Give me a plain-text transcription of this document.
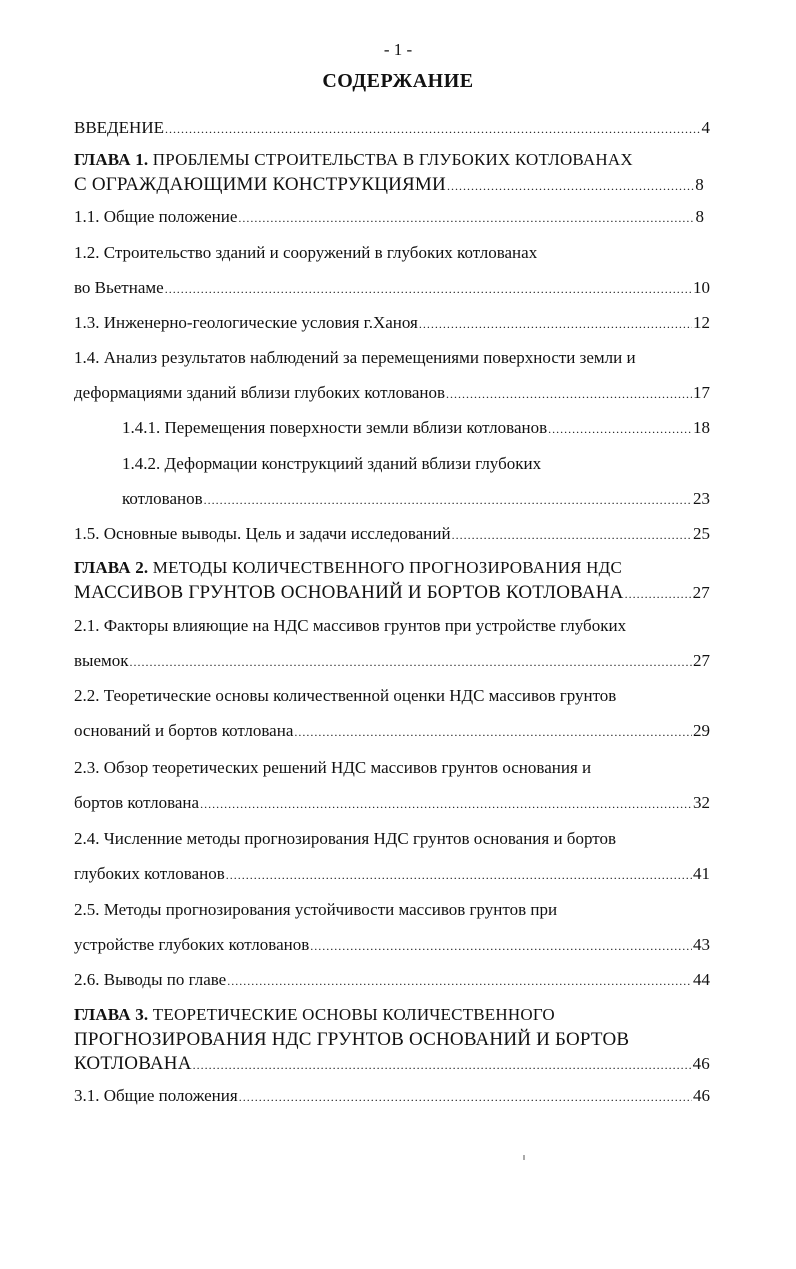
- 1 -
СОДЕРЖАНИЕ
ВВЕДЕНИЕ .....	4
ГЛАВА 1. ПРОБЛЕМЫ СТРОИТЕЛЬСТВА В ГЛУБОКИХ КОТЛОВАНАХ
С ОГРАЖДАЮЩИМИ КОНСТРУКЦИЯМИ .....	8
1.1. Общие положение .....	8
1.2. Строительство зданий и сооружений в глубоких котлованах
во Вьетнаме .....	10
1.3. Инженерно-геологические условия г.Ханоя .....	12
1.4. Анализ результатов наблюдений за перемещениями поверхности земли и
деформациями зданий вблизи глубоких котлованов .....	17
1.4.1. Перемещения поверхности земли вблизи котлованов .....	18
1.4.2. Деформации конструкциий зданий вблизи глубоких
котлованов .....	23
1.5. Основные выводы. Цель и задачи исследований .....	25
ГЛАВА 2. МЕТОДЫ КОЛИЧЕСТВЕННОГО ПРОГНОЗИРОВАНИЯ НДС
МАССИВОВ ГРУНТОВ ОСНОВАНИЙ И БОРТОВ КОТЛОВАНА .....	27
2.1. Факторы влияющие на НДС массивов грунтов при устройстве глубоких
выемок .....	27
2.2. Теоретические основы количественной оценки НДС массивов грунтов
оснований и бортов котлована .....	29
2.3. Обзор теоретических решений НДС массивов грунтов основания и
бортов котлована .....	32
2.4. Численние методы прогнозирования НДС грунтов основания и бортов
глубоких котлованов .....	41
2.5. Методы прогнозирования устойчивости массивов грунтов при
устройстве глубоких котлованов .....	43
2.6. Выводы по главе .....	44
ГЛАВА 3. ТЕОРЕТИЧЕСКИЕ ОСНОВЫ КОЛИЧЕСТВЕННОГО
ПРОГНОЗИРОВАНИЯ НДС ГРУНТОВ ОСНОВАНИЙ И БОРТОВ
КОТЛОВАНА .....	46
3.1. Общие положения .....	46
